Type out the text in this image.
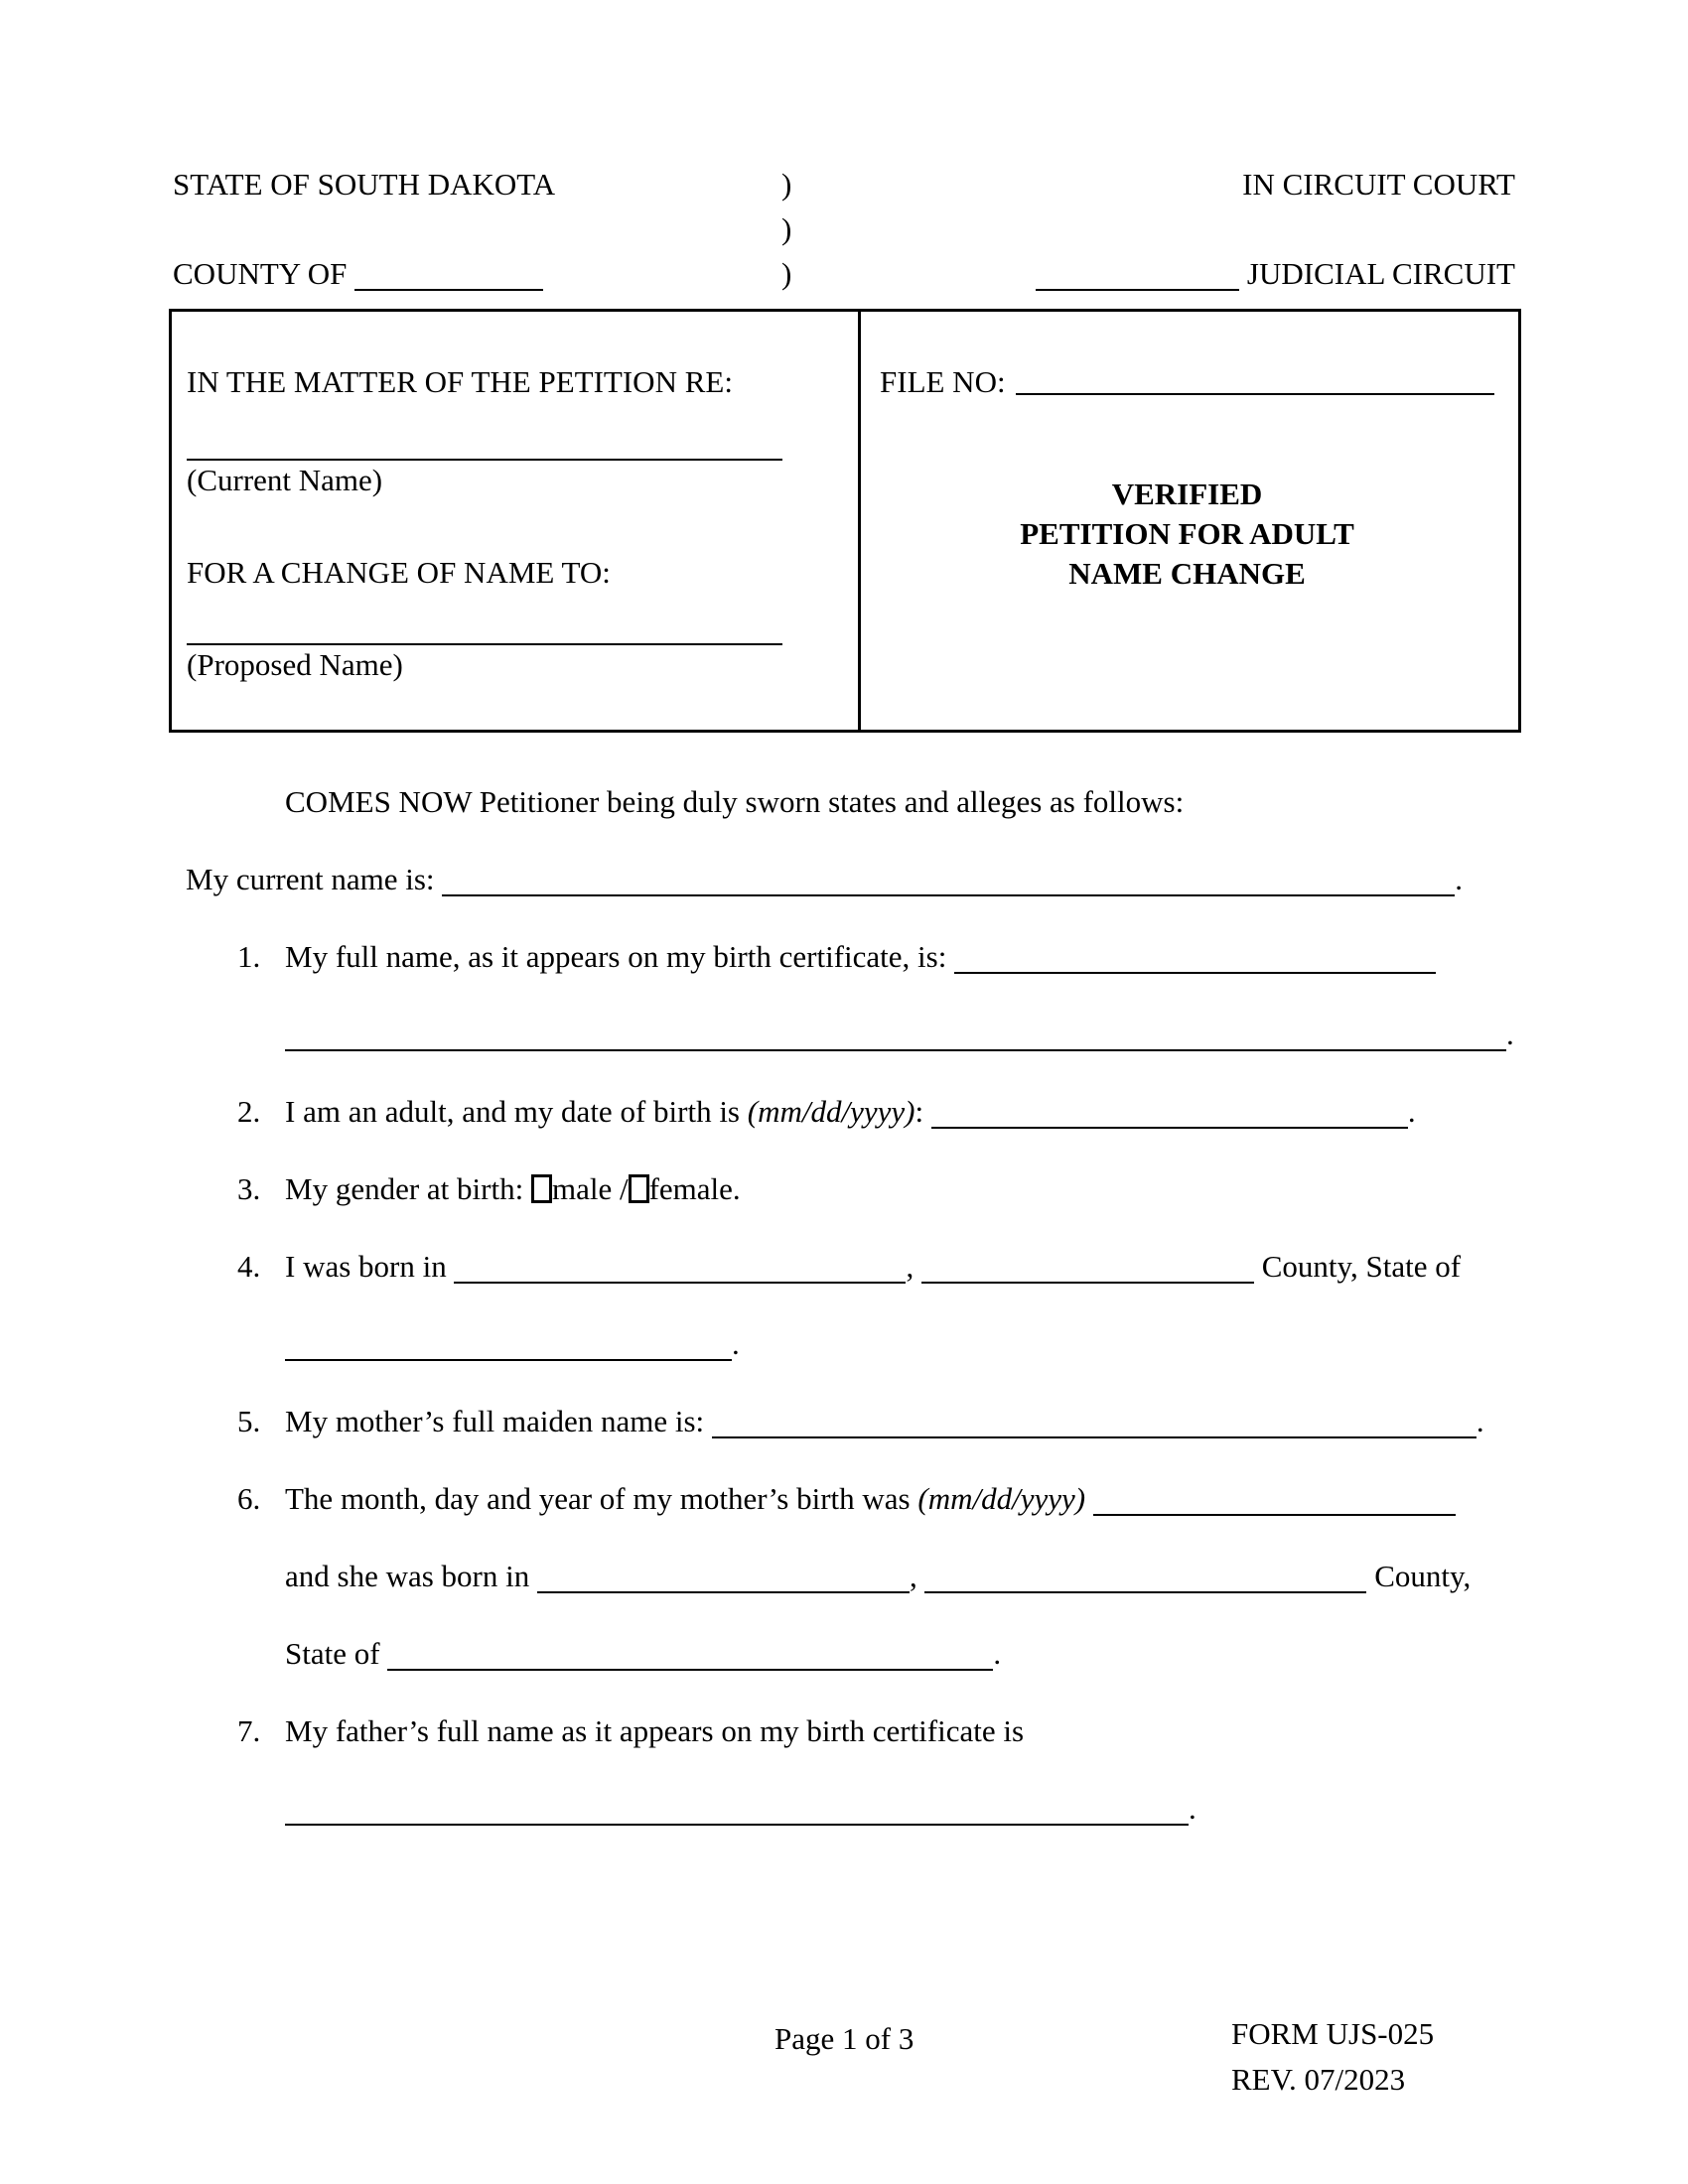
STATE OF SOUTH DAKOTA	)	IN CIRCUIT COURT
)
COUNTY OF	)	JUDICIAL CIRCUIT
IN THE MATTER OF THE PETITION RE:
(Current Name)
FOR A CHANGE OF NAME TO:
(Proposed Name)
FILE NO:
VERIFIED
PETITION FOR ADULT
NAME CHANGE
COMES NOW Petitioner being duly sworn states and alleges as follows:
My current name is:	.
1. My full name, as it appears on my birth certificate, is:
.
2. I am an adult, and my date of birth is (mm/dd/yyyy):	.
3. My gender at birth: male / female.
4. I was born in	,	County, State of
.
5. My mother’s full maiden name is:	.
6. The month, day and year of my mother’s birth was (mm/dd/yyyy)
and she was born in	,	County,
State of	.
7. My father’s full name as it appears on my birth certificate is
.
Page 1 of 3	FORM UJS-025
REV. 07/2023
